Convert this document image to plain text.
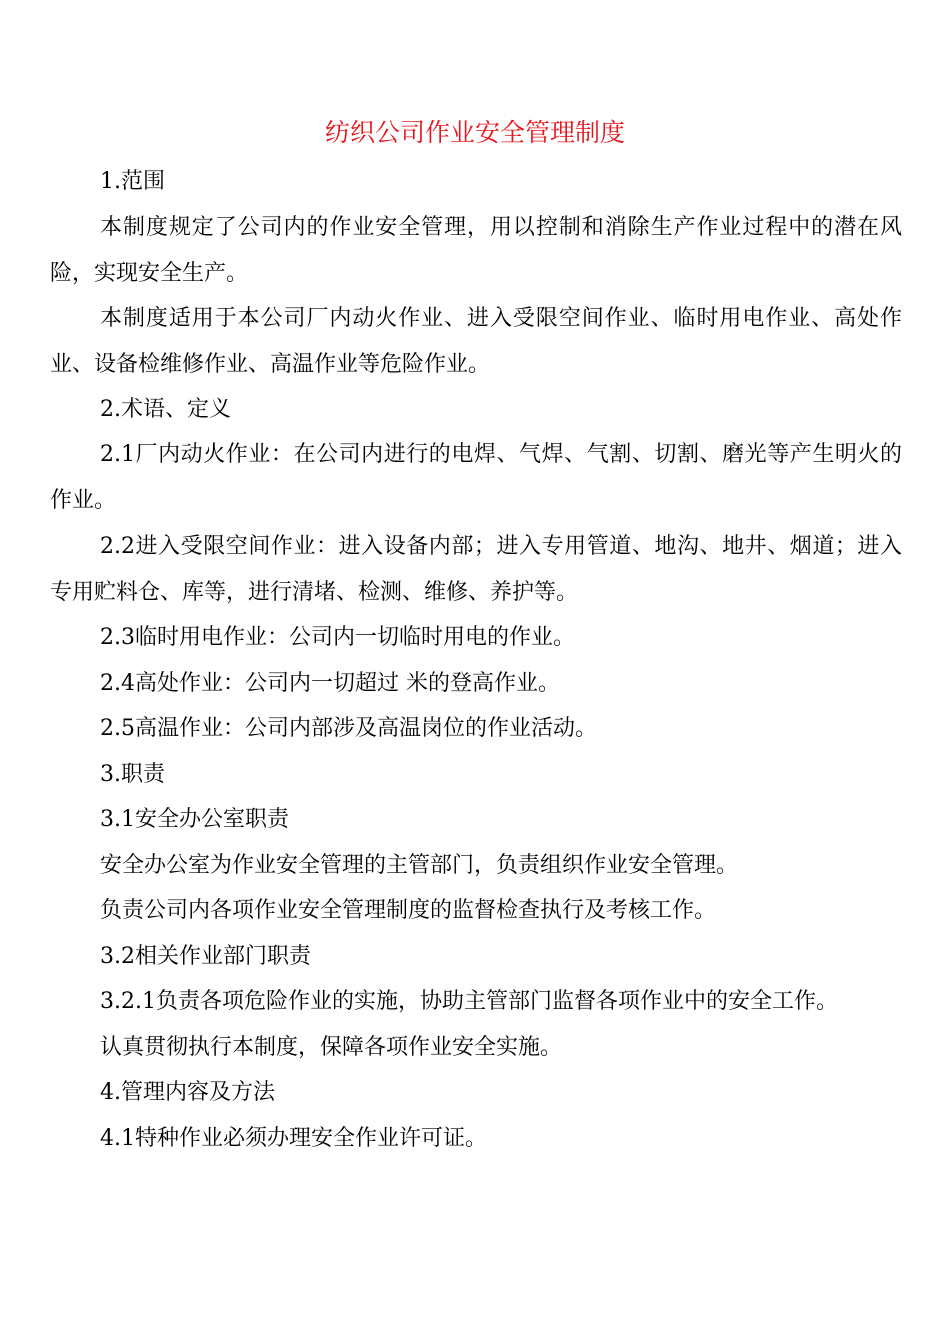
纺织公司作业安全管理制度

1.范围

本制度规定了公司内的作业安全管理，用以控制和消除生产作业过程中的潜在风险，实现安全生产。

本制度适用于本公司厂内动火作业、进入受限空间作业、临时用电作业、高处作业、设备检维修作业、高温作业等危险作业。

2.术语、定义

2.1厂内动火作业：在公司内进行的电焊、气焊、气割、切割、磨光等产生明火的作业。

2.2进入受限空间作业：进入设备内部；进入专用管道、地沟、地井、烟道；进入专用贮料仓、库等，进行清堵、检测、维修、养护等。

2.3临时用电作业：公司内一切临时用电的作业。

2.4高处作业：公司内一切超过 米的登高作业。

2.5高温作业：公司内部涉及高温岗位的作业活动。

3.职责

3.1安全办公室职责

安全办公室为作业安全管理的主管部门，负责组织作业安全管理。

负责公司内各项作业安全管理制度的监督检查执行及考核工作。

3.2相关作业部门职责

3.2.1负责各项危险作业的实施，协助主管部门监督各项作业中的安全工作。

认真贯彻执行本制度，保障各项作业安全实施。

4.管理内容及方法

4.1特种作业必须办理安全作业许可证。
